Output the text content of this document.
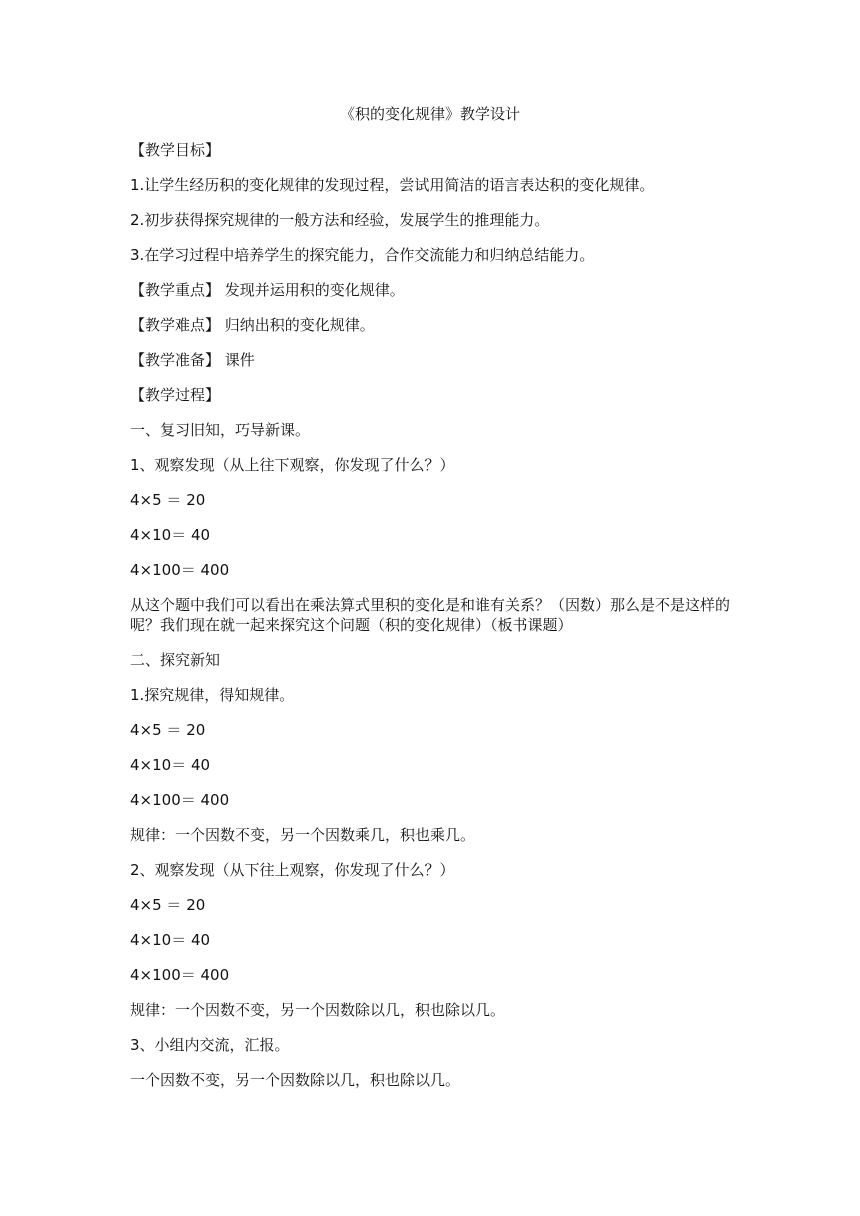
《积的变化规律》教学设计
【教学目标】
1.让学生经历积的变化规律的发现过程，尝试用简洁的语言表达积的变化规律。
2.初步获得探究规律的一般方法和经验，发展学生的推理能力。
3.在学习过程中培养学生的探究能力，合作交流能力和归纳总结能力。
【教学重点】 发现并运用积的变化规律。
【教学难点】 归纳出积的变化规律。
【教学准备】 课件
【教学过程】
一、复习旧知，巧导新课。
1、观察发现（从上往下观察，你发现了什么？）
4×5 ＝ 20
4×10＝ 40
4×100＝ 400
从这个题中我们可以看出在乘法算式里积的变化是和谁有关系？（因数）那么是不是这样的呢？我们现在就一起来探究这个问题（积的变化规律）（板书课题）
二、探究新知
1.探究规律，得知规律。
4×5 ＝ 20
4×10＝ 40
4×100＝ 400
规律：一个因数不变，另一个因数乘几，积也乘几。
2、观察发现（从下往上观察，你发现了什么？）
4×5 ＝ 20
4×10＝ 40
4×100＝ 400
规律：一个因数不变，另一个因数除以几，积也除以几。
3、小组内交流，汇报。
一个因数不变，另一个因数除以几，积也除以几。
